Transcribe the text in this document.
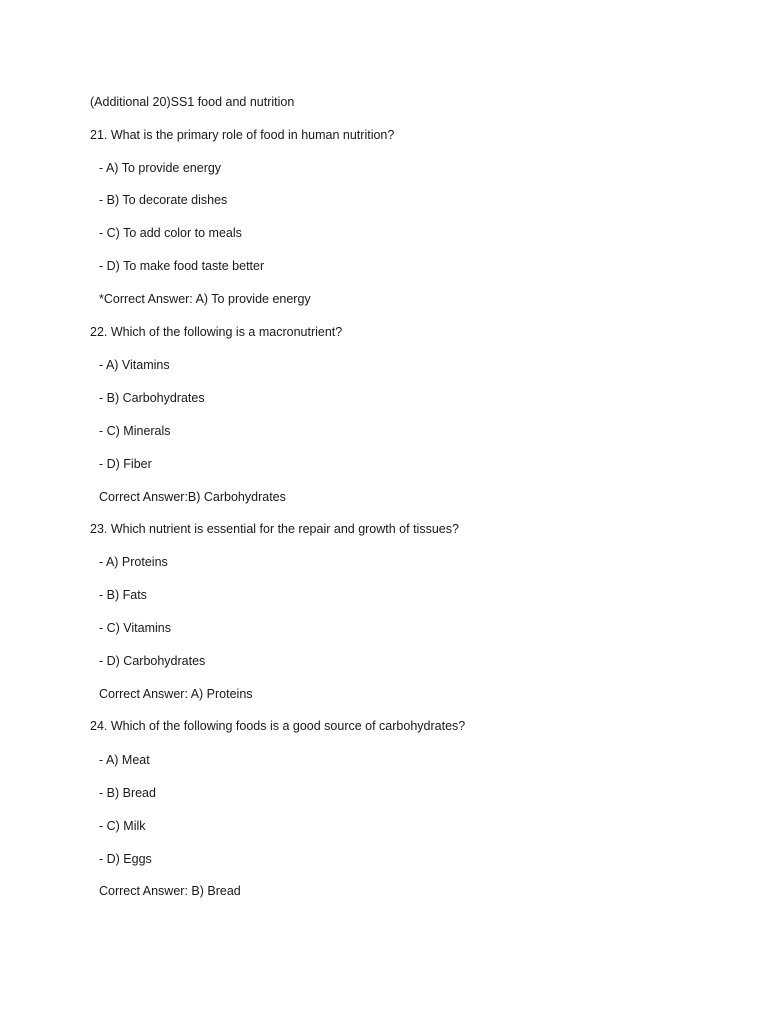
(Additional 20)SS1 food and nutrition
21. What is the primary role of food in human nutrition?
- A) To provide energy
- B) To decorate dishes
- C) To add color to meals
- D) To make food taste better
*Correct Answer: A) To provide energy
22. Which of the following is a macronutrient?
- A) Vitamins
- B) Carbohydrates
- C) Minerals
- D) Fiber
Correct Answer:B) Carbohydrates
23. Which nutrient is essential for the repair and growth of tissues?
- A) Proteins
- B) Fats
- C) Vitamins
- D) Carbohydrates
Correct Answer: A) Proteins
24. Which of the following foods is a good source of carbohydrates?
- A) Meat
- B) Bread
- C) Milk
- D) Eggs
Correct Answer: B) Bread
